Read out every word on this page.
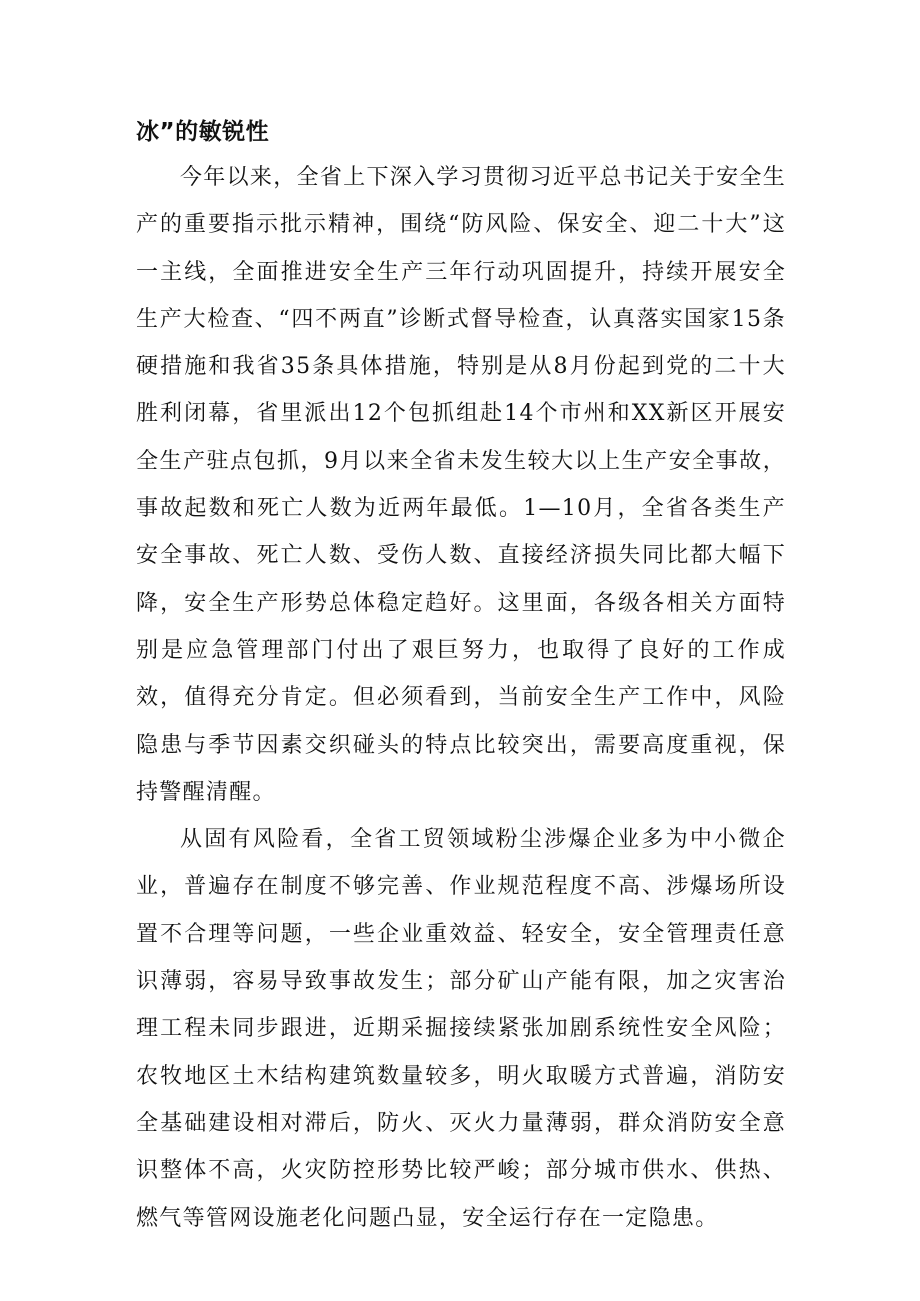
冰”的敏锐性

今年以来，全省上下深入学习贯彻习近平总书记关于安全生产的重要指示批示精神，围绕“防风险、保安全、迎二十大”这一主线，全面推进安全生产三年行动巩固提升，持续开展安全生产大检查、“四不两直”诊断式督导检查，认真落实国家15条硬措施和我省35条具体措施，特别是从8月份起到党的二十大胜利闭幕，省里派出12个包抓组赴14个市州和XX新区开展安全生产驻点包抓，9月以来全省未发生较大以上生产安全事故，事故起数和死亡人数为近两年最低。1—10月，全省各类生产安全事故、死亡人数、受伤人数、直接经济损失同比都大幅下降，安全生产形势总体稳定趋好。这里面，各级各相关方面特别是应急管理部门付出了艰巨努力，也取得了良好的工作成效，值得充分肯定。但必须看到，当前安全生产工作中，风险隐患与季节因素交织碰头的特点比较突出，需要高度重视，保持警醒清醒。

从固有风险看，全省工贸领域粉尘涉爆企业多为中小微企业，普遍存在制度不够完善、作业规范程度不高、涉爆场所设置不合理等问题，一些企业重效益、轻安全，安全管理责任意识薄弱，容易导致事故发生；部分矿山产能有限，加之灾害治理工程未同步跟进，近期采掘接续紧张加剧系统性安全风险；农牧地区土木结构建筑数量较多，明火取暖方式普遍，消防安全基础建设相对滞后，防火、灭火力量薄弱，群众消防安全意识整体不高，火灾防控形势比较严峻；部分城市供水、供热、燃气等管网设施老化问题凸显，安全运行存在一定隐患。
